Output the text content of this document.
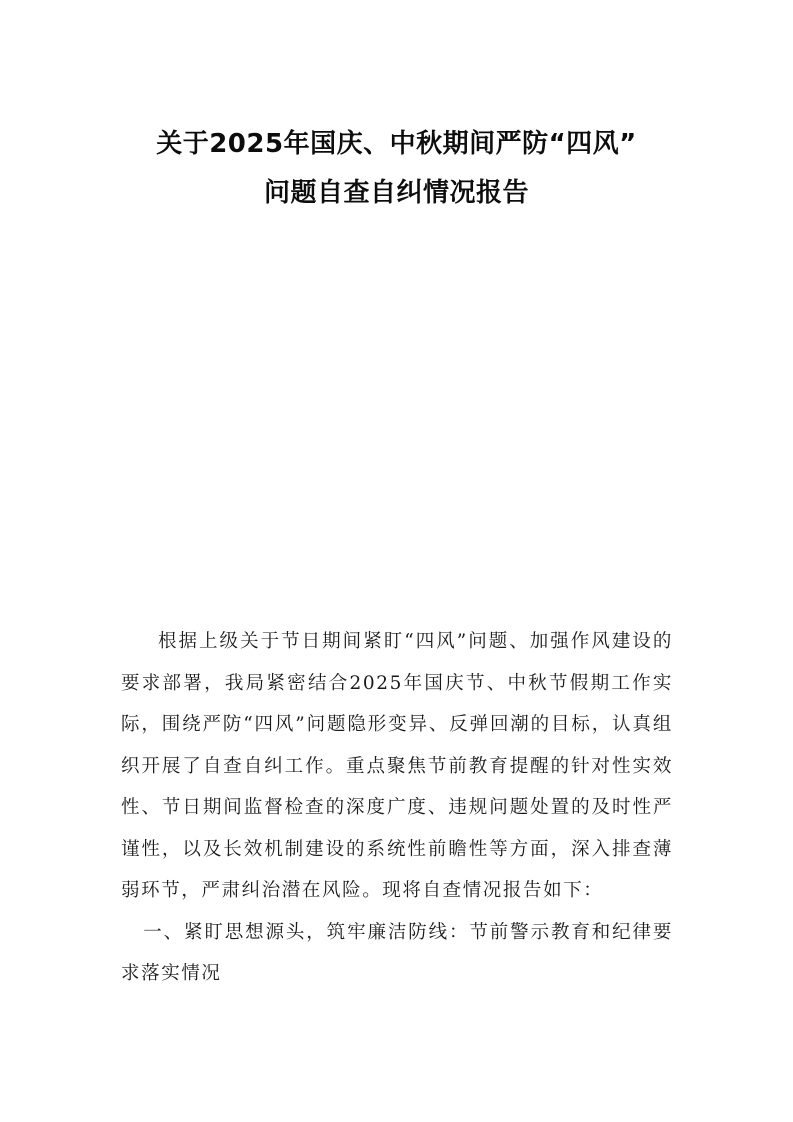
关于2025年国庆、中秋期间严防“四风”
问题自查自纠情况报告

根据上级关于节日期间紧盯“四风”问题、加强作风建设的要求部署，我局紧密结合2025年国庆节、中秋节假期工作实际，围绕严防“四风”问题隐形变异、反弹回潮的目标，认真组织开展了自查自纠工作。重点聚焦节前教育提醒的针对性实效性、节日期间监督检查的深度广度、违规问题处置的及时性严谨性，以及长效机制建设的系统性前瞻性等方面，深入排查薄弱环节，严肃纠治潜在风险。现将自查情况报告如下：

一、紧盯思想源头，筑牢廉洁防线：节前警示教育和纪律要求落实情况
